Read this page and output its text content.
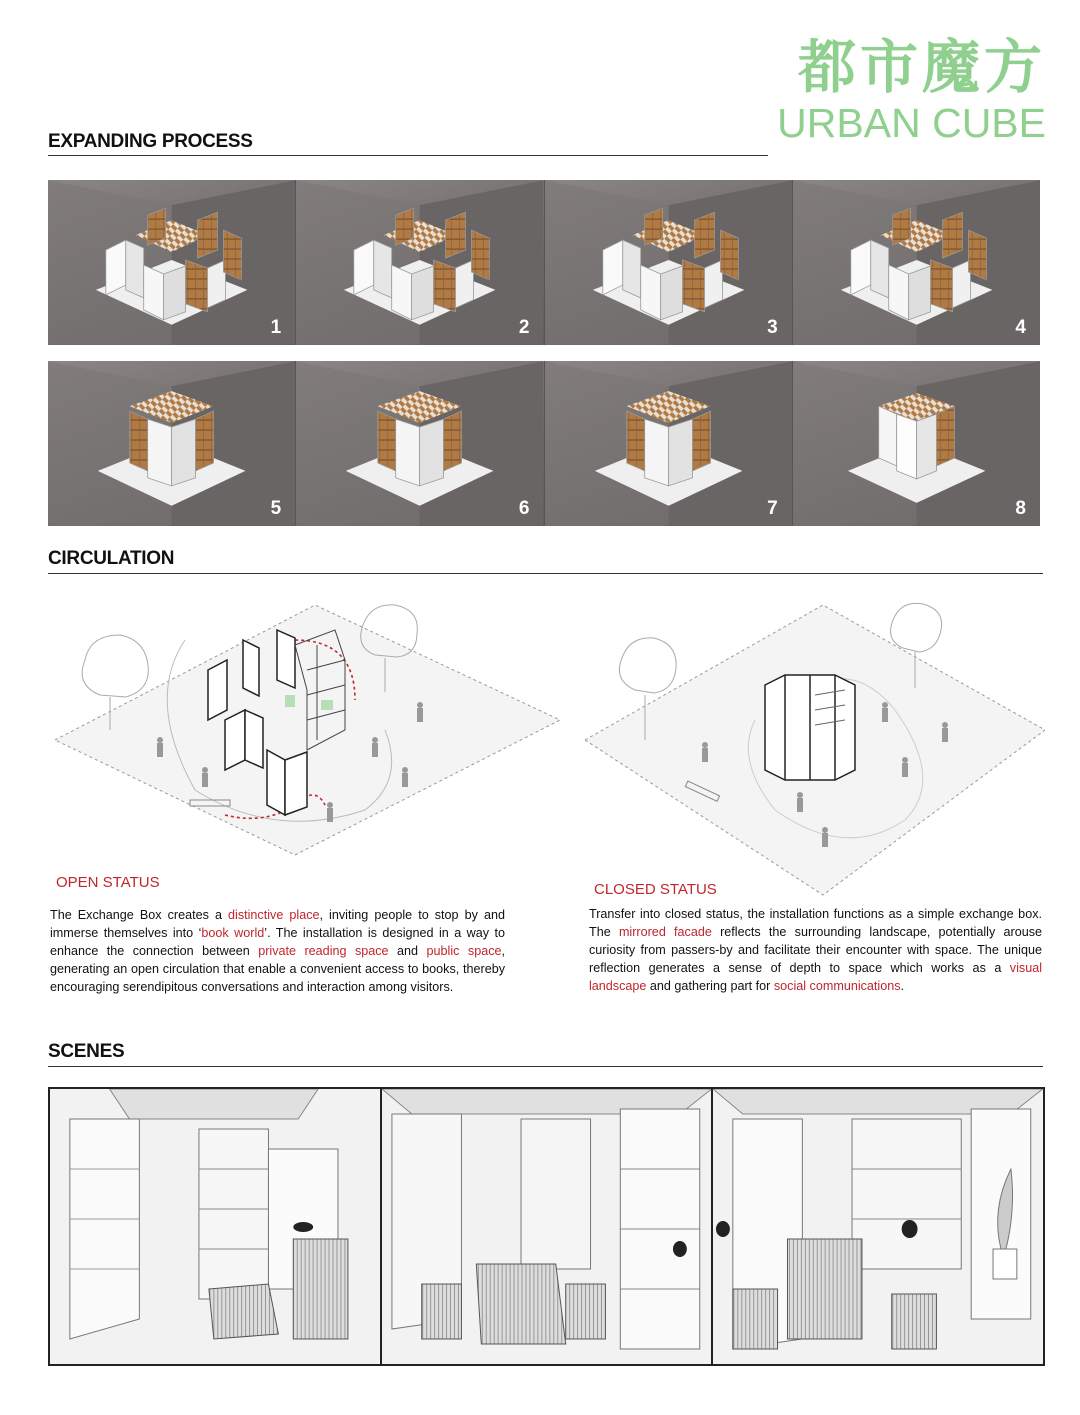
都市魔方
URBAN CUBE
EXPANDING PROCESS
1	2	3	4
5	6	7	8
CIRCULATION
OPEN STATUS
The Exchange Box creates a distinctive place, inviting people to stop by and immerse themselves into ‘book world’. The installation is designed in a way to enhance the connection between private reading space and public space, generating an open circulation that enable a convenient access to books, thereby encouraging serendipitous conversations and interaction among visitors.
CLOSED STATUS
Transfer into closed status, the installation functions as a simple exchange box. The mirrored facade reflects the surrounding landscape, potentially arouse curiosity from passers-by and facilitate their encounter with space. The unique reflection generates a sense of depth to space which works as a visual landscape and gathering part for social communications.
SCENES
